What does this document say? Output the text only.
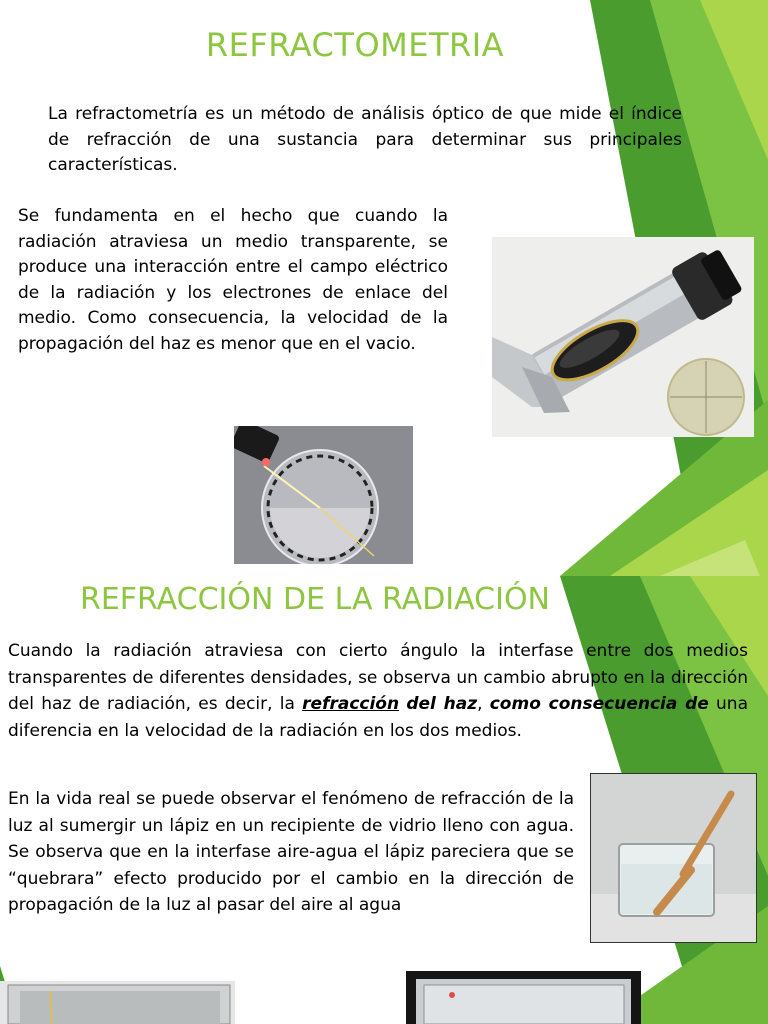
REFRACTOMETRIA

La refractometría es un método de análisis óptico de que mide el índice de refracción de una sustancia para determinar sus principales características.

Se fundamenta en el hecho que cuando la radiación atraviesa un medio transparente, se produce una interacción entre el campo eléctrico de la radiación y los electrones de enlace del medio. Como consecuencia, la velocidad de la propagación del haz es menor que en el vacio.

REFRACCIÓN DE LA RADIACIÓN

Cuando la radiación atraviesa con cierto ángulo la interfase entre dos medios transparentes de diferentes densidades, se observa un cambio abrupto en la dirección del haz de radiación, es decir, la refracción del haz, como consecuencia de una diferencia en la velocidad de la radiación en los dos medios.

En la vida real se puede observar el fenómeno de refracción de la luz al sumergir un lápiz en un recipiente de vidrio lleno con agua. Se observa que en la interfase aire-agua el lápiz pareciera que se “quebrara” efecto producido por el cambio en la dirección de propagación de la luz al pasar del aire al agua
